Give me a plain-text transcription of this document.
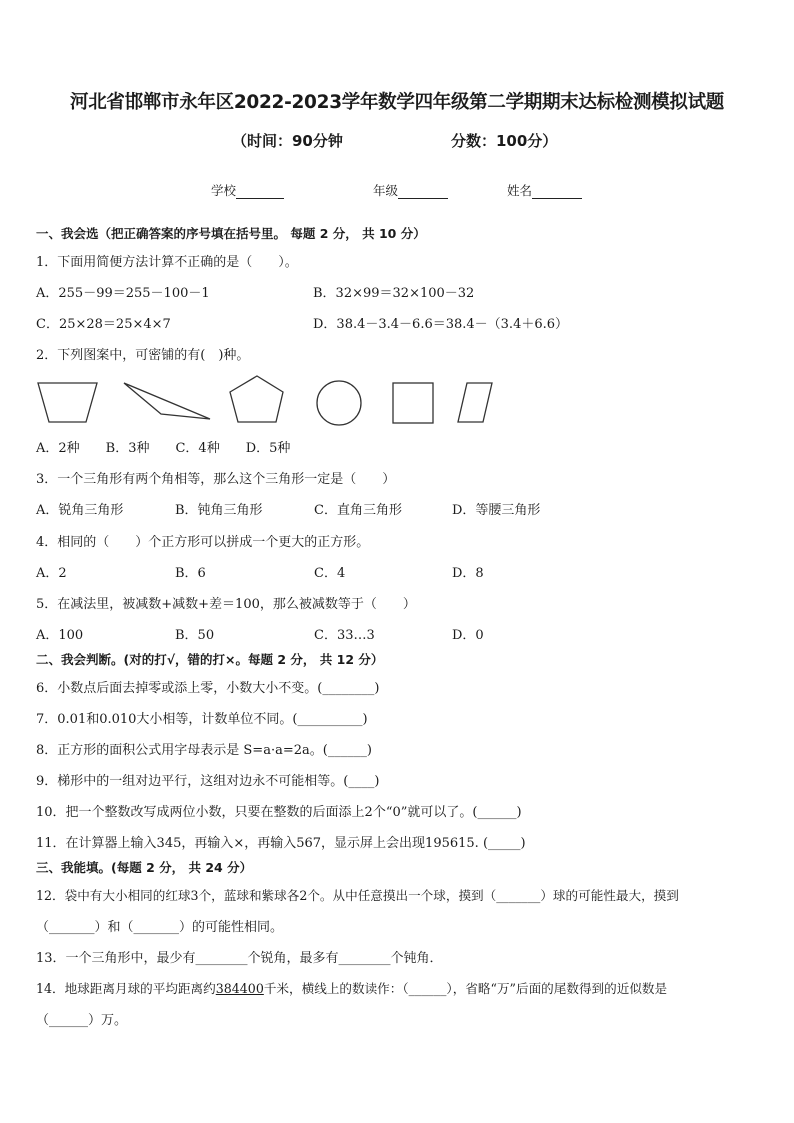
河北省邯郸市永年区2022-2023学年数学四年级第二学期期末达标检测模拟试题
（时间：90分钟	分数：100分）
学校	年级	姓名
一、我会选（把正确答案的序号填在括号里。 每题 2 分， 共 10 分）
1．下面用简便方法计算不正确的是（　　）。
A．255－99＝255－100－1	B．32×99＝32×100－32
C．25×28＝25×4×7	D．38.4－3.4－6.6＝38.4－（3.4＋6.6）
2．下列图案中，可密铺的有(　)种。
A．2种　　B．3种　　C．4种　　D．5种
3．一个三角形有两个角相等，那么这个三角形一定是（　　）
A．锐角三角形	B．钝角三角形	C．直角三角形	D．等腰三角形
4．相同的（　　）个正方形可以拼成一个更大的正方形。
A．2	B．6	C．4	D．8
5．在减法里，被减数+减数+差＝100，那么被减数等于（　　）
A．100	B．50	C．33…3	D．0
二、我会判断。(对的打√，错的打×。每题 2 分， 共 12 分）
6．小数点后面去掉零或添上零，小数大小不变。(________)
7．0.01和0.010大小相等，计数单位不同。(__________)
8．正方形的面积公式用字母表示是 S=a·a=2a。(______)
9．梯形中的一组对边平行，这组对边永不可能相等。(____)
10．把一个整数改写成两位小数，只要在整数的后面添上2个“0”就可以了。(______)
11．在计算器上输入345，再输入×，再输入567，显示屏上会出现195615. (_____)
三、我能填。(每题 2 分， 共 24 分）
12．袋中有大小相同的红球3个，蓝球和紫球各2个。从中任意摸出一个球，摸到（_______）球的可能性最大，摸到
（_______）和（_______）的可能性相同。
13．一个三角形中，最少有________个锐角，最多有________个钝角．
14．地球距离月球的平均距离约384400千米，横线上的数读作：（______），省略“万”后面的尾数得到的近似数是
（______）万。
